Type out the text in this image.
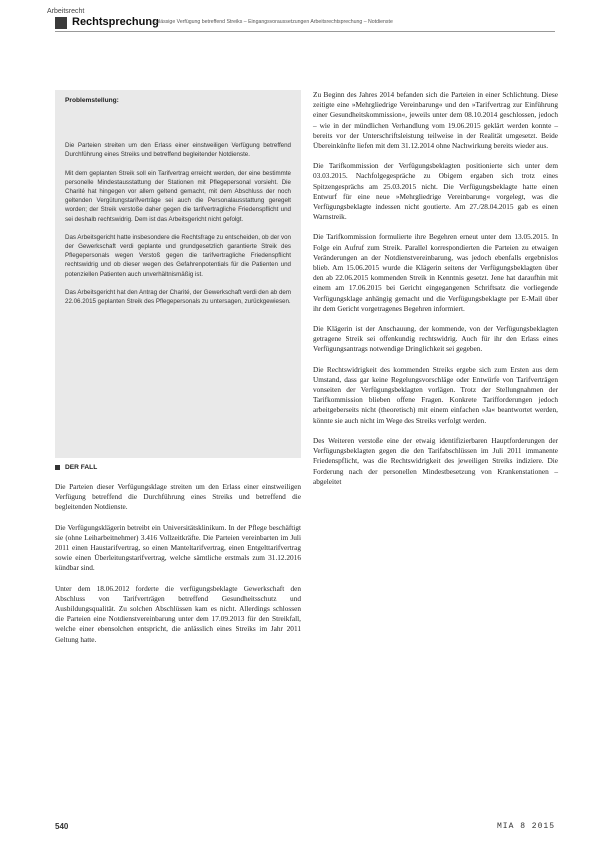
Arbeitsrecht
Rechtsprechung
Zulässige Verfügung betreffend Streiks – Eingangsvoraussetzungen Arbeitsrechtsprechung – Notdienste
Problemstellung:

Die Parteien streiten um den Erlass einer einstweiligen Verfügung betreffend Durchführung eines Streiks und betreffend begleitender Notdienste.

Mit dem geplanten Streik soll ein Tarifvertrag erreicht werden, der eine bestimmte personelle Mindestausstattung der Stationen mit Pflegepersonal vorsieht. Die Charité hat hingegen vor allem geltend gemacht, mit dem Abschluss der noch geltenden Vergütungstarifverträge sei auch die Personalausstattung geregelt worden; der Streik verstoße daher gegen die tarifvertragliche Friedenspflicht und sei deshalb rechtswidrig. Dem ist das Arbeitsgericht nicht gefolgt.

Das Arbeitsgericht hatte insbesondere die Rechtsfrage zu entscheiden, ob der von der Gewerkschaft verdi geplante und grundgesetzlich garantierte Streik des Pflegepersonals wegen Verstoß gegen die tarifvertragliche Friedenspflicht rechtswidrig und ob dieser wegen des Gefahrenpotentials für die Patienten und potenziellen Patienten auch unverhältnismäßig ist.

Das Arbeitsgericht hat den Antrag der Charité, der Gewerkschaft verdi den ab dem 22.06.2015 geplanten Streik des Pflegepersonals zu untersagen, zurückgewiesen.

DER FALL

Die Parteien dieser Verfügungsklage streiten um den Erlass einer einstweiligen Verfügung betreffend die Durchführung eines Streiks und betreffend die begleitenden Notdienste.

Die Verfügungsklägerin betreibt ein Universitätsklinikum. In der Pflege beschäftigt sie (ohne Leiharbeitnehmer) 3.416 Vollzeitkräfte. Die Parteien vereinbarten im Juli 2011 einen Haustarifvertrag, so einen Manteltarifvertrag, einen Entgelttarifvertrag sowie einen Überleitungstarifvertrag, welche sämtliche erstmals zum 31.12.2016 kündbar sind.

Unter dem 18.06.2012 forderte die verfügungsbeklagte Gewerkschaft den Abschluss von Tarifverträgen betreffend Gesundheitsschutz und Ausbildungsqualität. Zu solchen Abschlüssen kam es nicht. Allerdings schlossen die Parteien eine Notdienstvereinbarung unter dem 17.09.2013 für den Streikfall, welche einer ebensolchen entspricht, die anlässlich eines Streiks im Jahr 2011 Geltung hatte.

Zu Beginn des Jahres 2014 befanden sich die Parteien in einer Schlichtung. Diese zeitigte eine »Mehrgliedrige Vereinbarung« und den »Tarifvertrag zur Einführung einer Gesundheitskommission«, jeweils unter dem 08.10.2014 geschlossen, jedoch – wie in der mündlichen Verhandlung vom 19.06.2015 geklärt werden konnte – bereits vor der Unterschriftsleistung teilweise in der Realität umgesetzt. Beide Übereinkünfte liefen mit dem 31.12.2014 ohne Nachwirkung bereits wieder aus.

Die Tarifkommission der Verfügungsbeklagten positionierte sich unter dem 03.03.2015. Nachfolgegespräche zu Obigem ergaben sich trotz eines Spitzengesprächs am 25.03.2015 nicht. Die Verfügungsbeklagte hatte einen Entwurf für eine neue »Mehrgliedrige Vereinbarung« vorgelegt, was die Verfügungsbeklagte indessen nicht goutierte. Am 27./28.04.2015 gab es einen Warnstreik.

Die Tarifkommission formulierte ihre Begehren erneut unter dem 13.05.2015. In Folge ein Aufruf zum Streik. Parallel korrespondierten die Parteien zu etwaigen Veränderungen an der Notdienstvereinbarung, was jedoch ebenfalls ergebnislos blieb. Am 15.06.2015 wurde die Klägerin seitens der Verfügungsbeklagten über den ab 22.06.2015 kommenden Streik in Kenntnis gesetzt. Jene hat daraufhin mit einem am 17.06.2015 bei Gericht eingegangenen Schriftsatz die vorliegende Verfügungsklage anhängig gemacht und die Verfügungsbeklagte per E-Mail über ihr dem Gericht vorgetragenes Begehren informiert.

Die Klägerin ist der Anschauung, der kommende, von der Verfügungsbeklagten getragene Streik sei offenkundig rechtswidrig. Auch für ihr den Erlass eines Verfügungsantrags notwendige Dringlichkeit sei gegeben.

Die Rechtswidrigkeit des kommenden Streiks ergebe sich zum Ersten aus dem Umstand, dass gar keine Regelungsvorschläge oder Entwürfe von Tarifverträgen vonseiten der Verfügungsbeklagten vorlägen. Trotz der Stellungnahmen der Tarifkommission blieben offene Fragen. Konkrete Tarifforderungen jedoch arbeitgeberseits nicht (theoretisch) mit einem einfachen »Ja« beantwortet werden, könnte sie auch nicht im Wege des Streiks verfolgt werden.

Des Weiteren verstoße eine der etwaig identifizierbaren Hauptforderungen der Verfügungsbeklagten gegen die den Tarifabschlüssen im Juli 2011 immanente Friedenspflicht, was die Rechtswidrigkeit des jeweiligen Streiks indiziere. Die Forderung nach der personellen Mindestbesetzung von Krankenstationen – abgeleitet

540	MIA 8 2015
